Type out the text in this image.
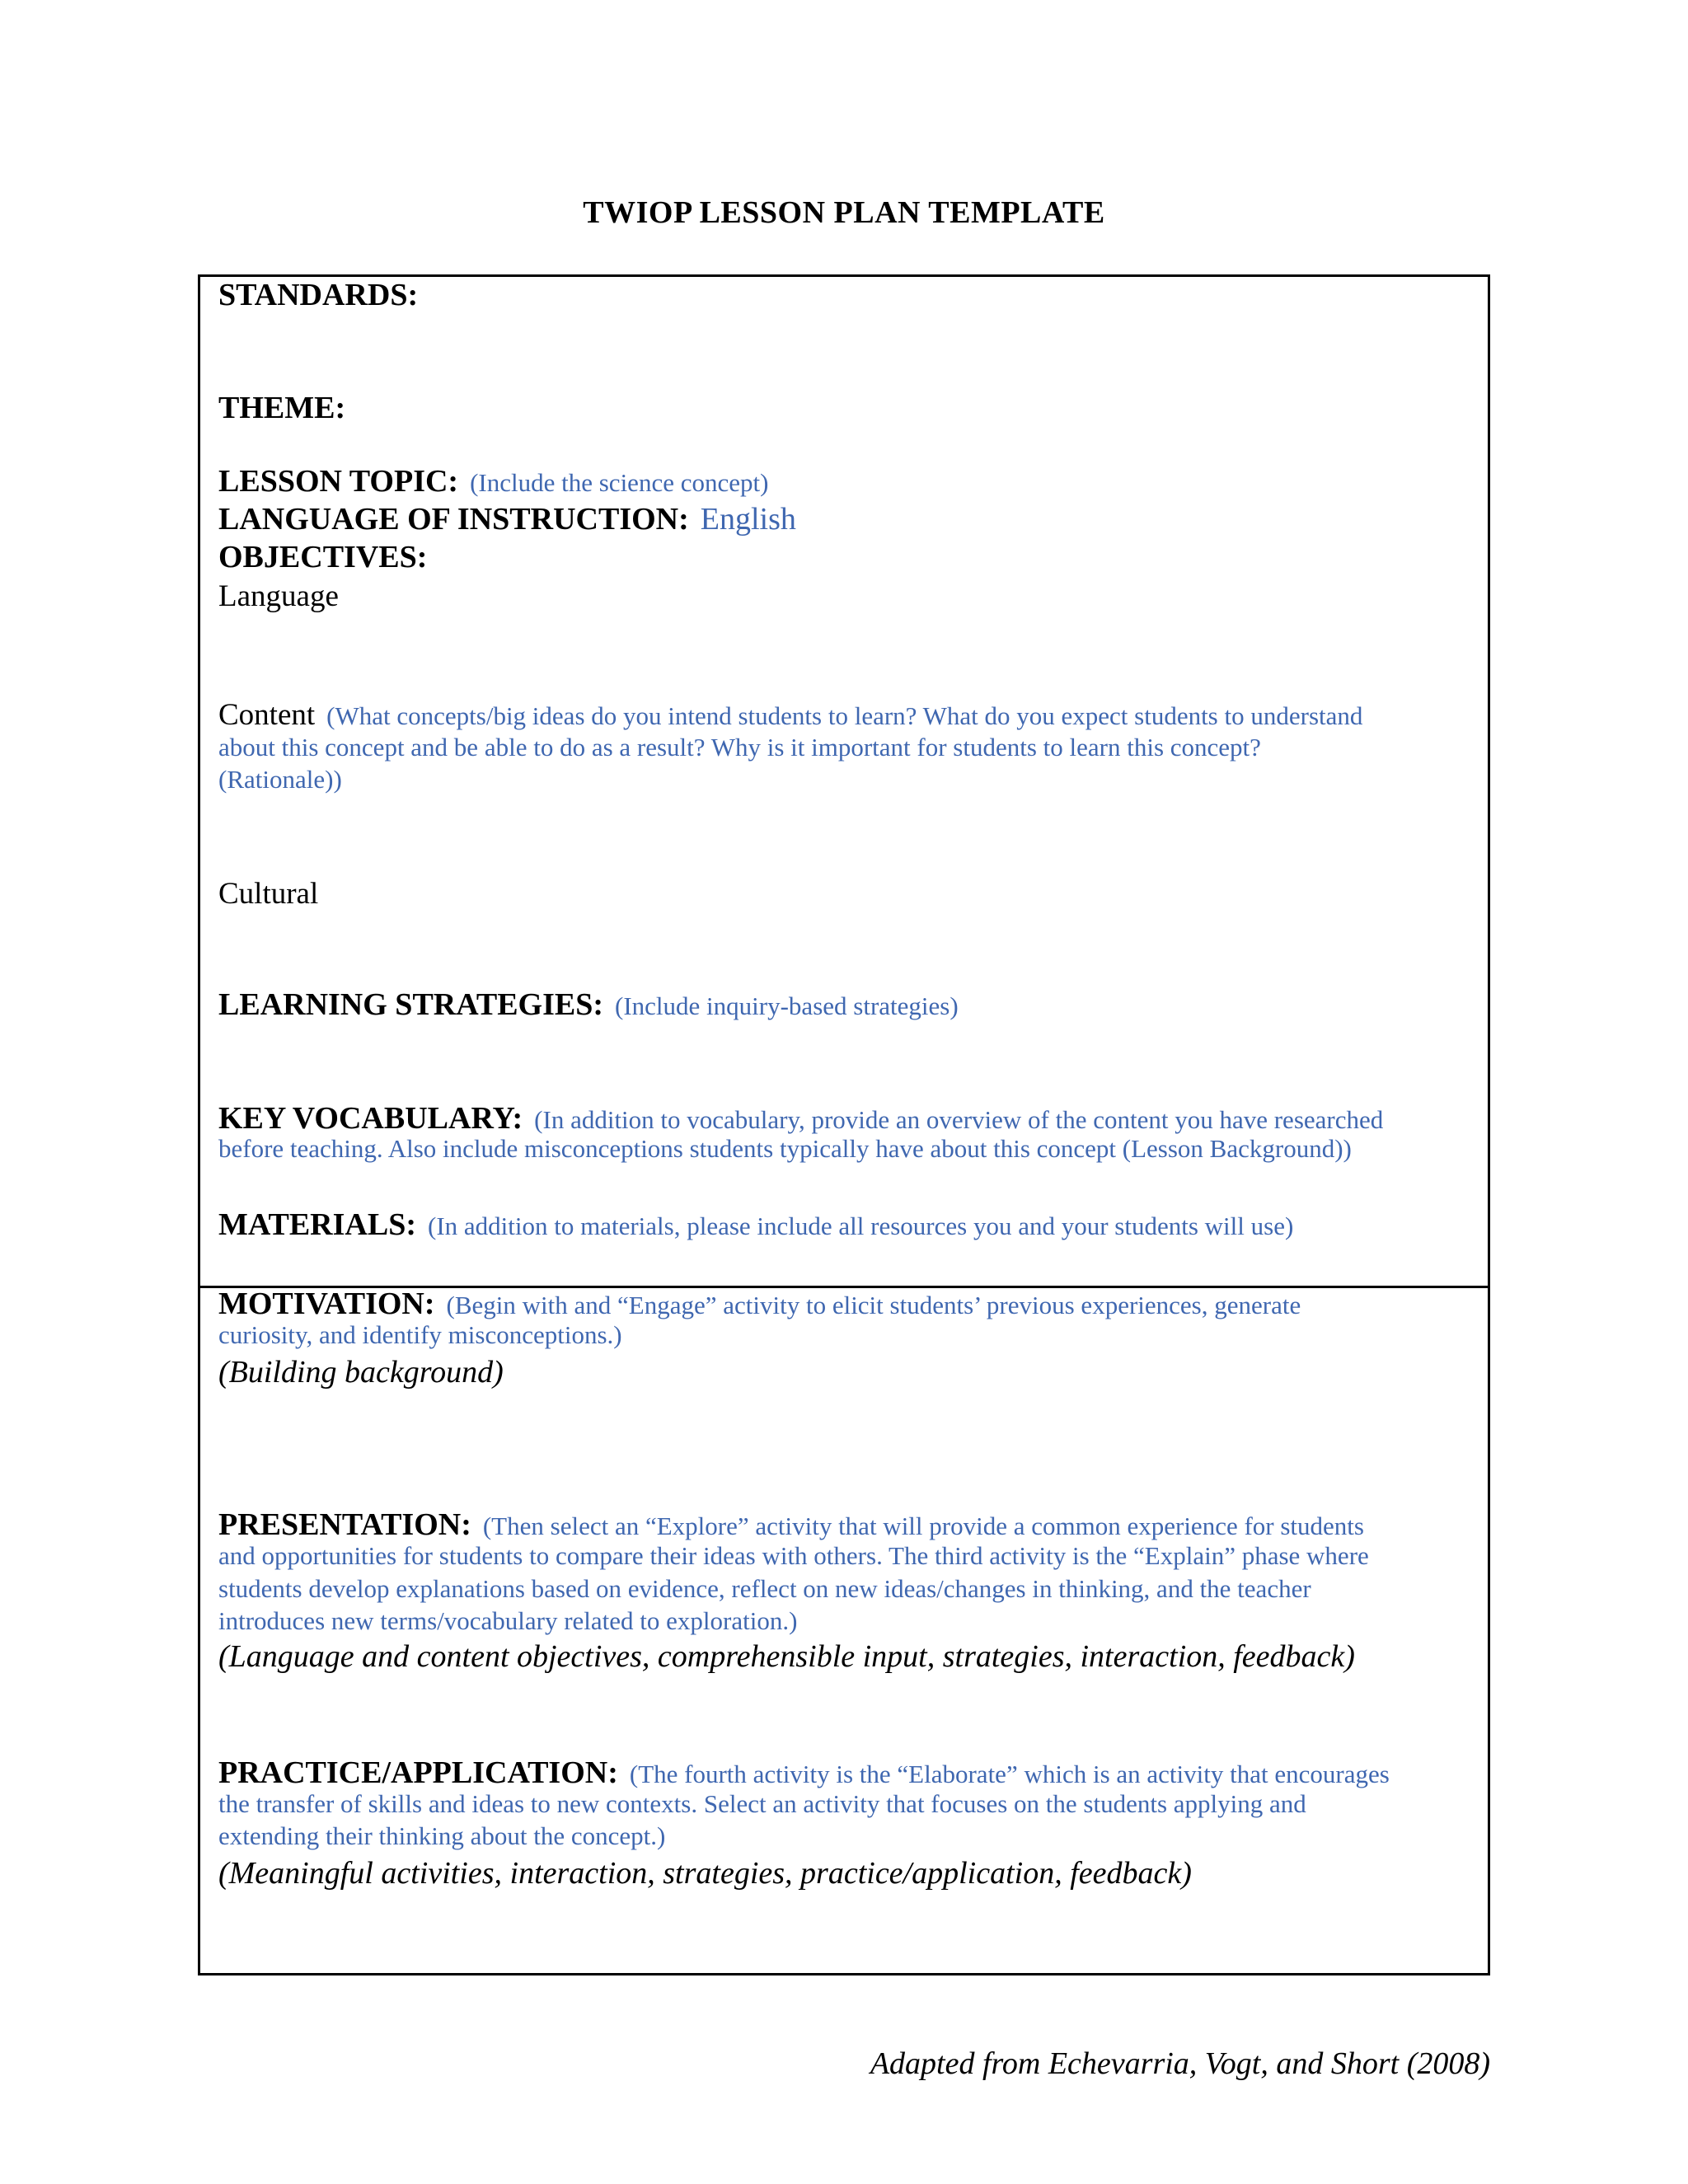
TWIOP LESSON PLAN TEMPLATE
STANDARDS:
THEME:
LESSON TOPIC: (Include the science concept)
LANGUAGE OF INSTRUCTION: English
OBJECTIVES:
Language
Content (What concepts/big ideas do you intend students to learn? What do you expect students to understand
about this concept and be able to do as a result? Why is it important for students to learn this concept?
(Rationale))
Cultural
LEARNING STRATEGIES: (Include inquiry-based strategies)
KEY VOCABULARY: (In addition to vocabulary, provide an overview of the content you have researched
before teaching. Also include misconceptions students typically have about this concept (Lesson Background))
MATERIALS: (In addition to materials, please include all resources you and your students will use)
MOTIVATION: (Begin with and “Engage” activity to elicit students’ previous experiences, generate
curiosity, and identify misconceptions.)
(Building background)
PRESENTATION: (Then select an “Explore” activity that will provide a common experience for students
and opportunities for students to compare their ideas with others. The third activity is the “Explain” phase where
students develop explanations based on evidence, reflect on new ideas/changes in thinking, and the teacher
introduces new terms/vocabulary related to exploration.)
(Language and content objectives, comprehensible input, strategies, interaction, feedback)
PRACTICE/APPLICATION: (The fourth activity is the “Elaborate” which is an activity that encourages
the transfer of skills and ideas to new contexts. Select an activity that focuses on the students applying and
extending their thinking about the concept.)
(Meaningful activities, interaction, strategies, practice/application, feedback)
Adapted from Echevarria, Vogt, and Short (2008)
